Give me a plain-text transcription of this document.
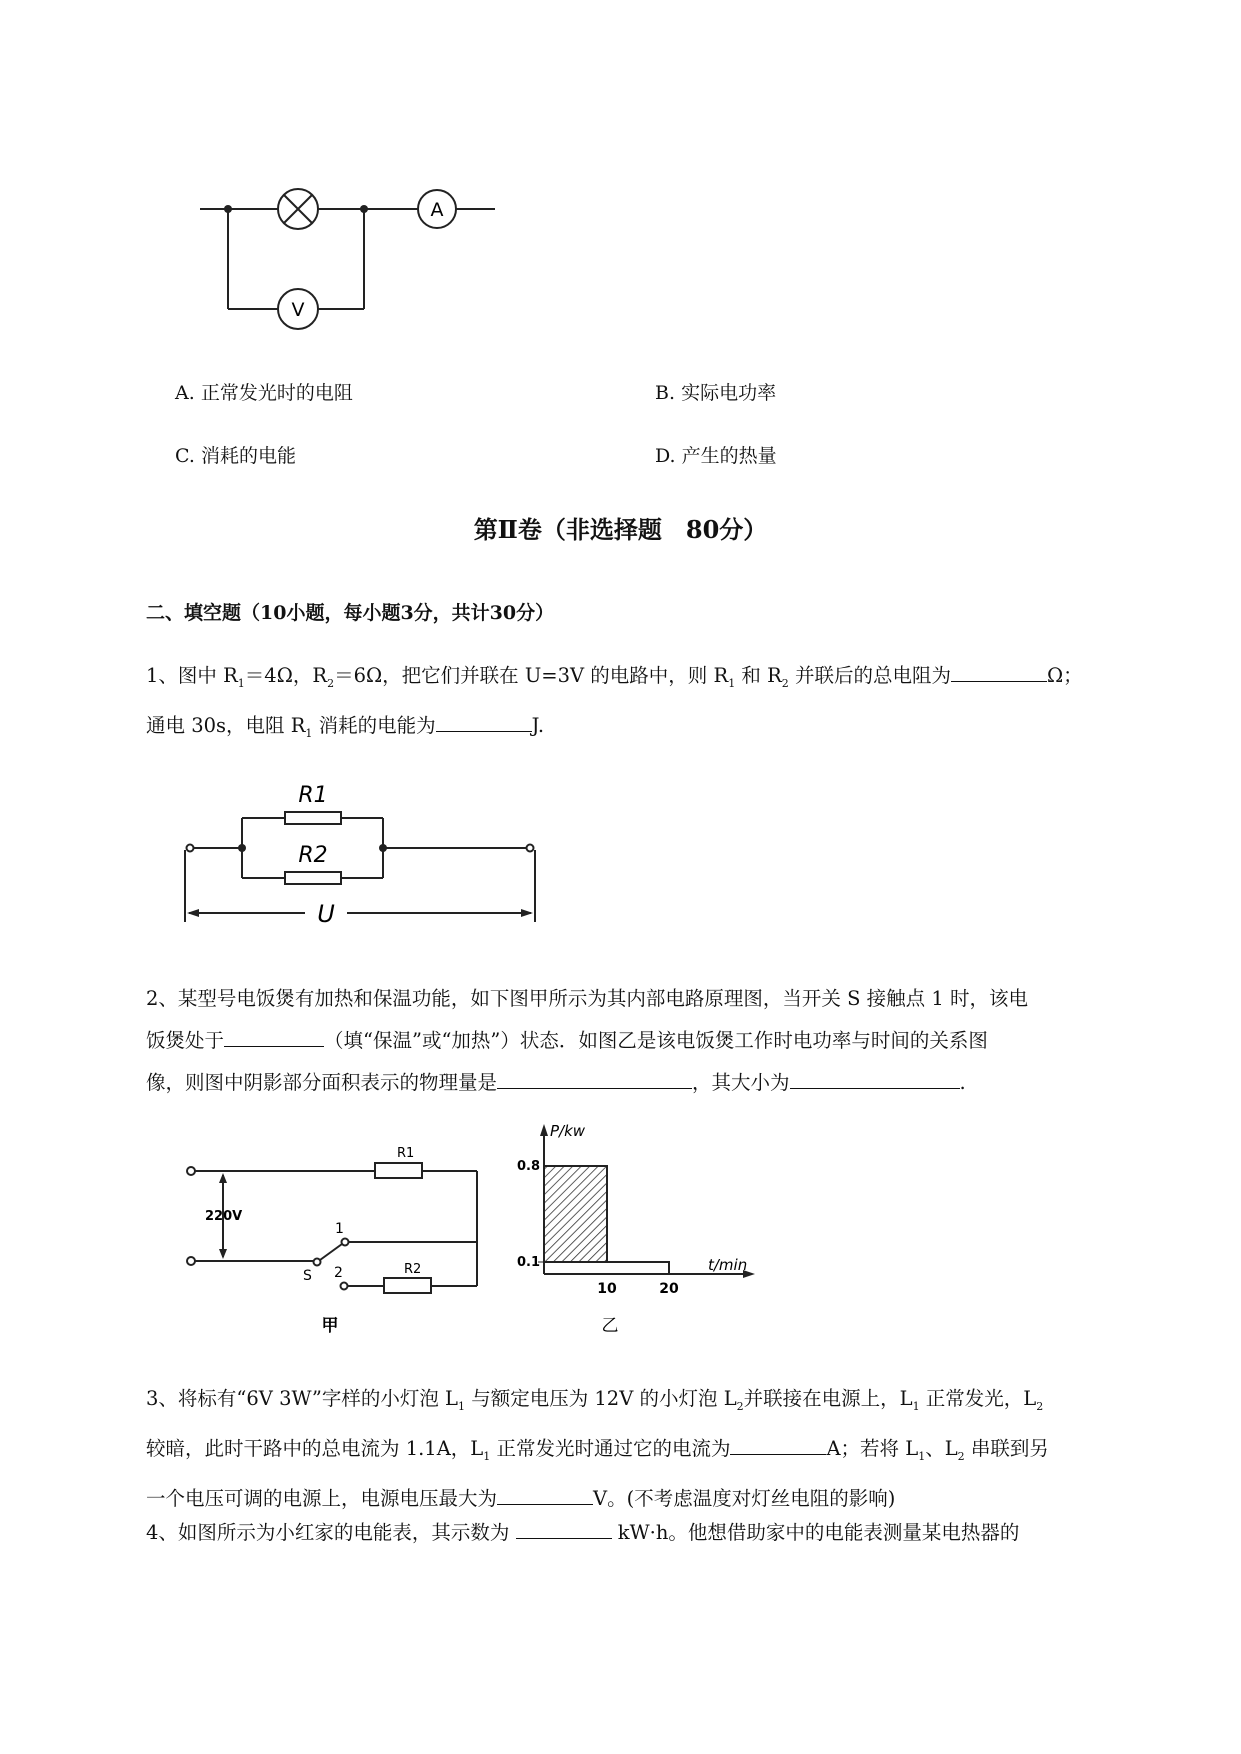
A
V
A. 正常发光时的电阻	B. 实际电功率
C. 消耗的电能	D. 产生的热量
第Ⅱ卷（非选择题　80分）
二、填空题（10小题，每小题3分，共计30分）
1、图中 $R_1=4\Omega$，$R_2=6\Omega$，把它们并联在 U=3V 的电路中，则 $R_1$ 和 $R_2$ 并联后的总电阻为	Ω；
通电 30s，电阻 $R_1$ 消耗的电能为	J.
R1
R2
U
2、某型号电饭煲有加热和保温功能，如下图甲所示为其内部电路原理图，当开关 S 接触点 1 时，该电
饭煲处于	（填“保温”或“加热”）状态．如图乙是该电饭煲工作时电功率与时间的关系图
像，则图中阴影部分面积表示的物理量是	，其大小为	.
220V
R1
R2
1
2
S
甲
P/kw
t/min
0.8
0.1
10	20
乙
3、将标有“6V 3W”字样的小灯泡 $L_1$ 与额定电压为 12V 的小灯泡 $L_2$并联接在电源上，$L_1$ 正常发光，$L_2$
较暗，此时干路中的总电流为 1.1A，$L_1$ 正常发光时通过它的电流为	A；若将 $L_1$、$L_2$ 串联到另
一个电压可调的电源上，电源电压最大为	V。(不考虑温度对灯丝电阻的影响)
4、如图所示为小红家的电能表，其示数为	kW·h。他想借助家中的电能表测量某电热器的
